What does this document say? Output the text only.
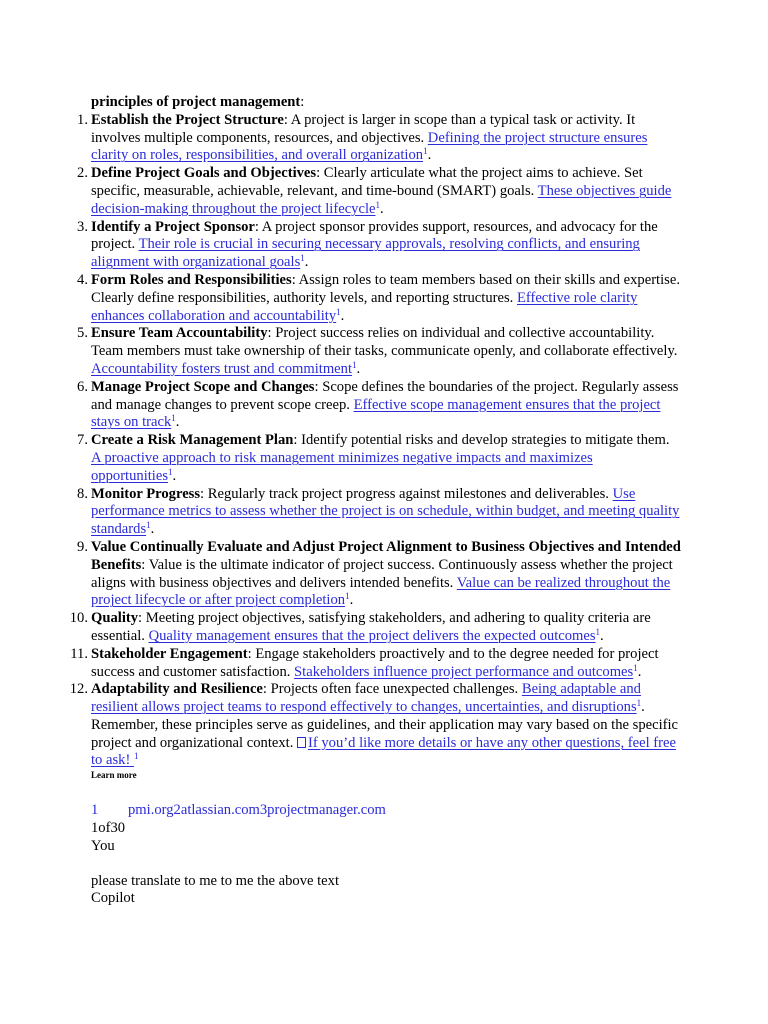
principles of project management:

1. Establish the Project Structure: A project is larger in scope than a typical task or activity. It involves multiple components, resources, and objectives. Defining the project structure ensures clarity on roles, responsibilities, and overall organization$^1$.
2. Define Project Goals and Objectives: Clearly articulate what the project aims to achieve. Set specific, measurable, achievable, relevant, and time-bound (SMART) goals. These objectives guide decision-making throughout the project lifecycle$^1$.
3. Identify a Project Sponsor: A project sponsor provides support, resources, and advocacy for the project. Their role is crucial in securing necessary approvals, resolving conflicts, and ensuring alignment with organizational goals$^1$.
4. Form Roles and Responsibilities: Assign roles to team members based on their skills and expertise. Clearly define responsibilities, authority levels, and reporting structures. Effective role clarity enhances collaboration and accountability$^1$.
5. Ensure Team Accountability: Project success relies on individual and collective accountability. Team members must take ownership of their tasks, communicate openly, and collaborate effectively. Accountability fosters trust and commitment$^1$.
6. Manage Project Scope and Changes: Scope defines the boundaries of the project. Regularly assess and manage changes to prevent scope creep. Effective scope management ensures that the project stays on track$^1$.
7. Create a Risk Management Plan: Identify potential risks and develop strategies to mitigate them. A proactive approach to risk management minimizes negative impacts and maximizes opportunities$^1$.
8. Monitor Progress: Regularly track project progress against milestones and deliverables. Use performance metrics to assess whether the project is on schedule, within budget, and meeting quality standards$^1$.
9. Value Continually Evaluate and Adjust Project Alignment to Business Objectives and Intended Benefits: Value is the ultimate indicator of project success. Continuously assess whether the project aligns with business objectives and delivers intended benefits. Value can be realized throughout the project lifecycle or after project completion$^1$.
10. Quality: Meeting project objectives, satisfying stakeholders, and adhering to quality criteria are essential. Quality management ensures that the project delivers the expected outcomes$^1$.
11. Stakeholder Engagement: Engage stakeholders proactively and to the degree needed for project success and customer satisfaction. Stakeholders influence project performance and outcomes$^1$.
12. Adaptability and Resilience: Projects often face unexpected challenges. Being adaptable and resilient allows project teams to respond effectively to changes, uncertainties, and disruptions$^1$.

Remember, these principles serve as guidelines, and their application may vary based on the specific project and organizational context. If you’d like more details or have any other questions, feel free to ask! $^1$

Learn more

1 pmi.org2atlassian.com3projectmanager.com

1of30

You

please translate to me to me the above text

Copilot
